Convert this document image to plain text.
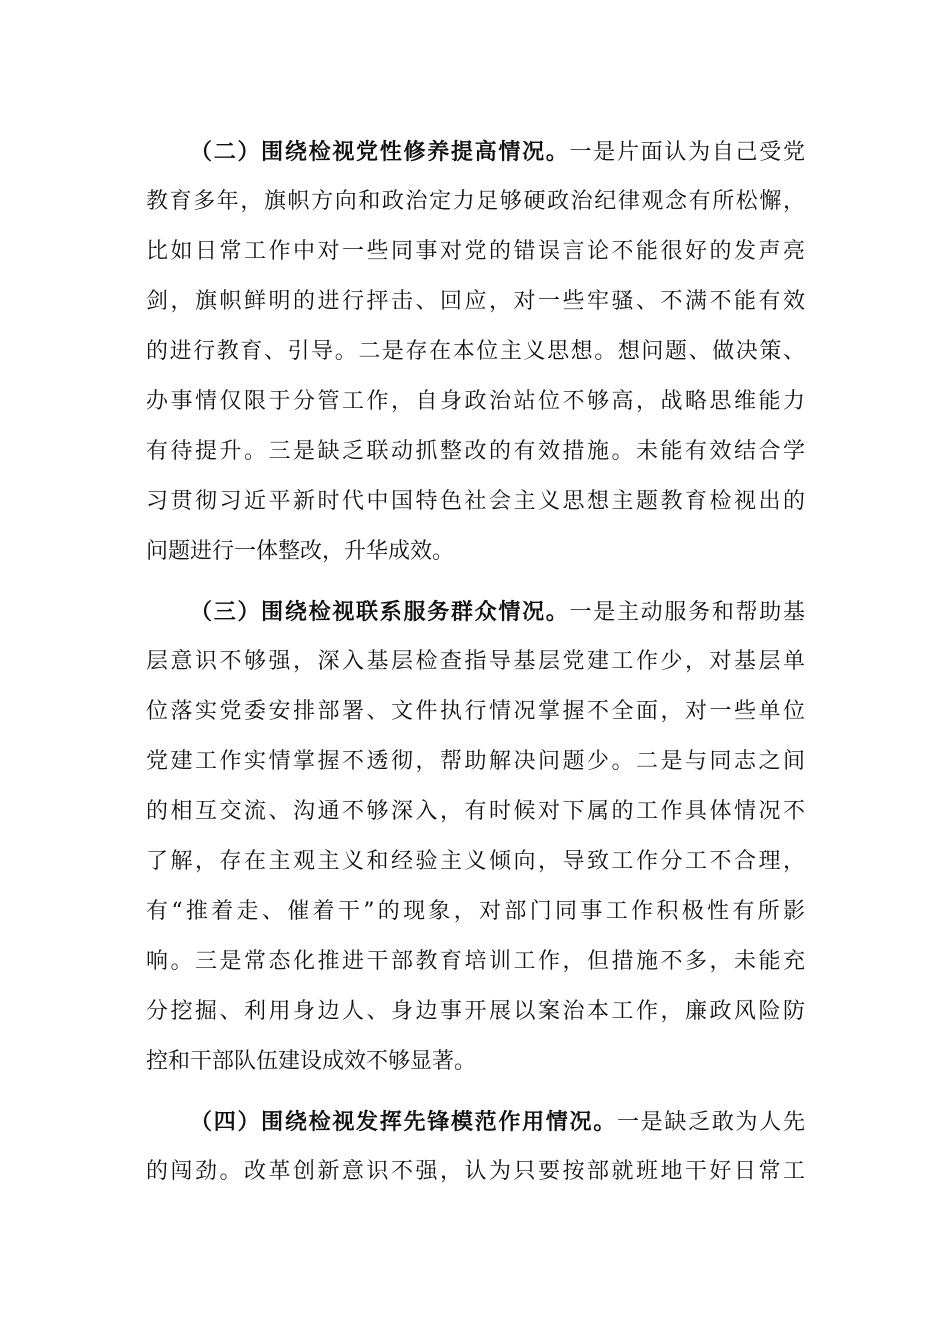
（二）围绕检视党性修养提高情况。一是片面认为自己受党
教育多年，旗帜方向和政治定力足够硬政治纪律观念有所松懈，
比如日常工作中对一些同事对党的错误言论不能很好的发声亮
剑，旗帜鲜明的进行抨击、回应，对一些牢骚、不满不能有效
的进行教育、引导。二是存在本位主义思想。想问题、做决策、
办事情仅限于分管工作，自身政治站位不够高，战略思维能力
有待提升。三是缺乏联动抓整改的有效措施。未能有效结合学
习贯彻习近平新时代中国特色社会主义思想主题教育检视出的
问题进行一体整改，升华成效。
（三）围绕检视联系服务群众情况。一是主动服务和帮助基
层意识不够强，深入基层检查指导基层党建工作少，对基层单
位落实党委安排部署、文件执行情况掌握不全面，对一些单位
党建工作实情掌握不透彻，帮助解决问题少。二是与同志之间
的相互交流、沟通不够深入，有时候对下属的工作具体情况不
了解，存在主观主义和经验主义倾向，导致工作分工不合理，
有“推着走、催着干”的现象，对部门同事工作积极性有所影
响。三是常态化推进干部教育培训工作，但措施不多，未能充
分挖掘、利用身边人、身边事开展以案治本工作，廉政风险防
控和干部队伍建设成效不够显著。
（四）围绕检视发挥先锋模范作用情况。一是缺乏敢为人先
的闯劲。改革创新意识不强，认为只要按部就班地干好日常工
